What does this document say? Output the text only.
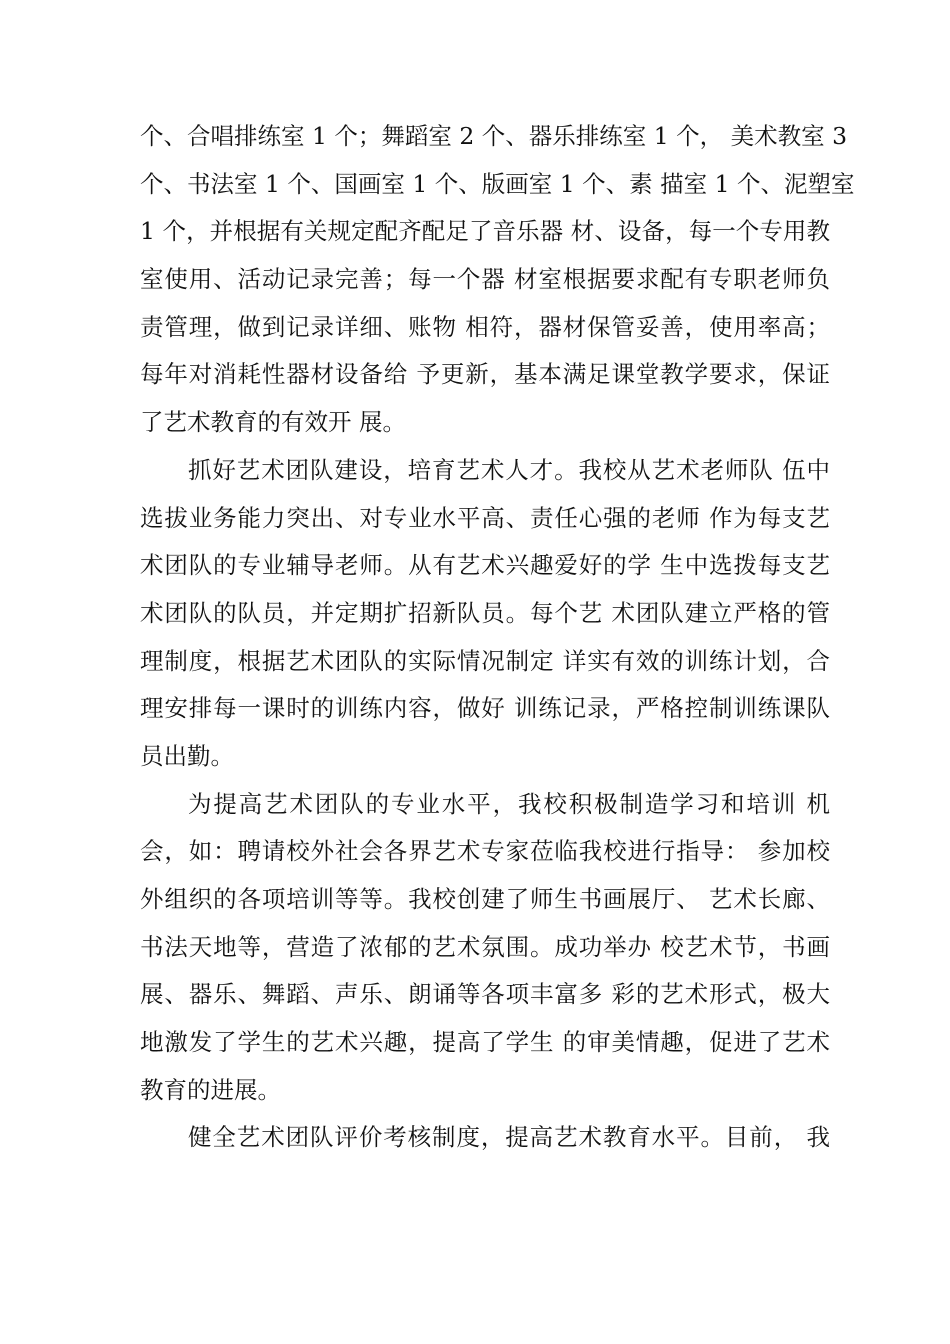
个、合唱排练室 1 个；舞蹈室 2 个、器乐排练室 1 个， 美术教室 3
个、书法室 1 个、国画室 1 个、版画室 1 个、素 描室 1 个、泥塑室
1 个，并根据有关规定配齐配足了音乐器 材、设备，每一个专用教
室使用、活动记录完善；每一个器 材室根据要求配有专职老师负
责管理，做到记录详细、账物 相符，器材保管妥善，使用率高；
每年对消耗性器材设备给 予更新，基本满足课堂教学要求，保证
了艺术教育的有效开 展。
抓好艺术团队建设，培育艺术人才。我校从艺术老师队 伍中
选拔业务能力突出、对专业水平高、责任心强的老师 作为每支艺
术团队的专业辅导老师。从有艺术兴趣爱好的学 生中选拨每支艺
术团队的队员，并定期扩招新队员。每个艺 术团队建立严格的管
理制度，根据艺术团队的实际情况制定 详实有效的训练计划，合
理安排每一课时的训练内容，做好 训练记录，严格控制训练课队
员出勤。
为提高艺术团队的专业水平，我校积极制造学习和培训 机
会，如：聘请校外社会各界艺术专家莅临我校进行指导： 参加校
外组织的各项培训等等。我校创建了师生书画展厅、 艺术长廊、
书法天地等，营造了浓郁的艺术氛围。成功举办 校艺术节，书画
展、器乐、舞蹈、声乐、朗诵等各项丰富多 彩的艺术形式，极大
地激发了学生的艺术兴趣，提高了学生 的审美情趣，促进了艺术
教育的进展。
健全艺术团队评价考核制度，提高艺术教育水平。目前， 我
